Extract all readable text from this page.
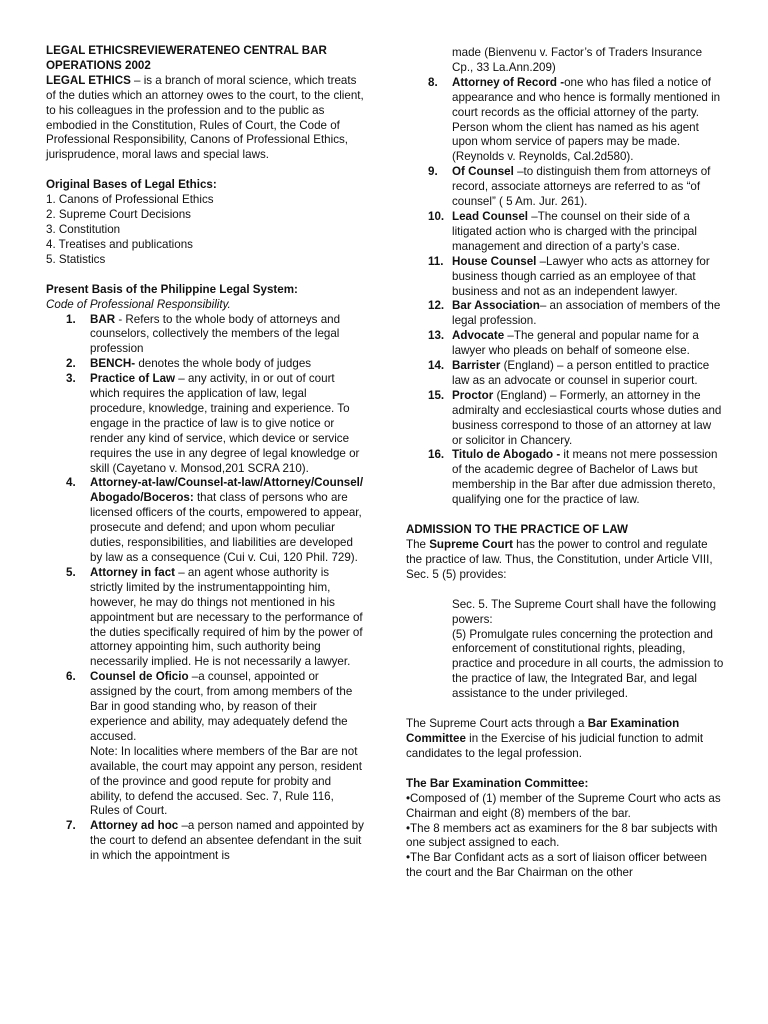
LEGAL ETHICSREVIEWERATENEO CENTRAL BAR

OPERATIONS 2002

LEGAL ETHICS – is a branch of moral science, which treats of the duties which an attorney owes to the court, to the client, to his colleagues in the profession and to the public as embodied in the Constitution, Rules of Court, the Code of Professional Responsibility, Canons of Professional Ethics, jurisprudence, moral laws and special laws.

Original Bases of Legal Ethics:

1. Canons of Professional Ethics

2. Supreme Court Decisions

3. Constitution

4. Treatises and publications

5. Statistics

Present Basis of the Philippine Legal System:

Code of Professional Responsibility.

1. BAR - Refers to the whole body of attorneys and counselors, collectively the members of the legal profession
2. BENCH- denotes the whole body of judges
3. Practice of Law – any activity, in or out of court which requires the application of law, legal procedure, knowledge, training and experience. To engage in the practice of law is to give notice or render any kind of service, which device or service requires the use in any degree of legal knowledge or skill (Cayetano v. Monsod,201 SCRA 210).
4. Attorney-at-law/Counsel-at-law/Attorney/Counsel/ Abogado/Boceros: that class of persons who are licensed officers of the courts, empowered to appear, prosecute and defend; and upon whom peculiar duties, responsibilities, and liabilities are developed by law as a consequence (Cui v. Cui, 120 Phil. 729).
5. Attorney in fact – an agent whose authority is strictly limited by the instrumentappointing him, however, he may do things not mentioned in his appointment but are necessary to the performance of the duties specifically required of him by the power of attorney appointing him, such authority being necessarily implied. He is not necessarily a lawyer.
6. Counsel de Oficio –a counsel, appointed or assigned by the court, from among members of the Bar in good standing who, by reason of their experience and ability, may adequately defend the accused.
Note: In localities where members of the Bar are not available, the court may appoint any person, resident of the province and good repute for probity and ability, to defend the accused. Sec. 7, Rule 116, Rules of Court.
7. Attorney ad hoc –a person named and appointed by the court to defend an absentee defendant in the suit in which the appointment is

made (Bienvenu v. Factor’s of Traders Insurance Cp., 33 La.Ann.209)

8. Attorney of Record -one who has filed a notice of appearance and who hence is formally mentioned in court records as the official attorney of the party. Person whom the client has named as his agent upon whom service of papers may be made. (Reynolds v. Reynolds, Cal.2d580).
9. Of Counsel –to distinguish them from attorneys of record, associate attorneys are referred to as “of counsel” ( 5 Am. Jur. 261).
10. Lead Counsel –The counsel on their side of a litigated action who is charged with the principal management and direction of a party’s case.
11. House Counsel –Lawyer who acts as attorney for business though carried as an employee of that business and not as an independent lawyer.
12. Bar Association– an association of members of the legal profession.
13. Advocate –The general and popular name for a lawyer who pleads on behalf of someone else.
14. Barrister (England) – a person entitled to practice law as an advocate or counsel in superior court.
15. Proctor (England) – Formerly, an attorney in the admiralty and ecclesiastical courts whose duties and business correspond to those of an attorney at law or solicitor in Chancery.
16. Titulo de Abogado - it means not mere possession of the academic degree of Bachelor of Laws but membership in the Bar after due admission thereto, qualifying one for the practice of law.

ADMISSION TO THE PRACTICE OF LAW

The Supreme Court has the power to control and regulate the practice of law. Thus, the Constitution, under Article VIII, Sec. 5 (5) provides:

Sec. 5. The Supreme Court shall have the following powers:

(5) Promulgate rules concerning the protection and enforcement of constitutional rights, pleading, practice and procedure in all courts, the admission to the practice of law, the Integrated Bar, and legal assistance to the under privileged.

The Supreme Court acts through a Bar Examination Committee in the Exercise of his judicial function to admit candidates to the legal profession.

The Bar Examination Committee:

•Composed of (1) member of the Supreme Court who acts as Chairman and eight (8) members of the bar.

•The 8 members act as examiners for the 8 bar subjects with one subject assigned to each.

•The Bar Confidant acts as a sort of liaison officer between the court and the Bar Chairman on the other
